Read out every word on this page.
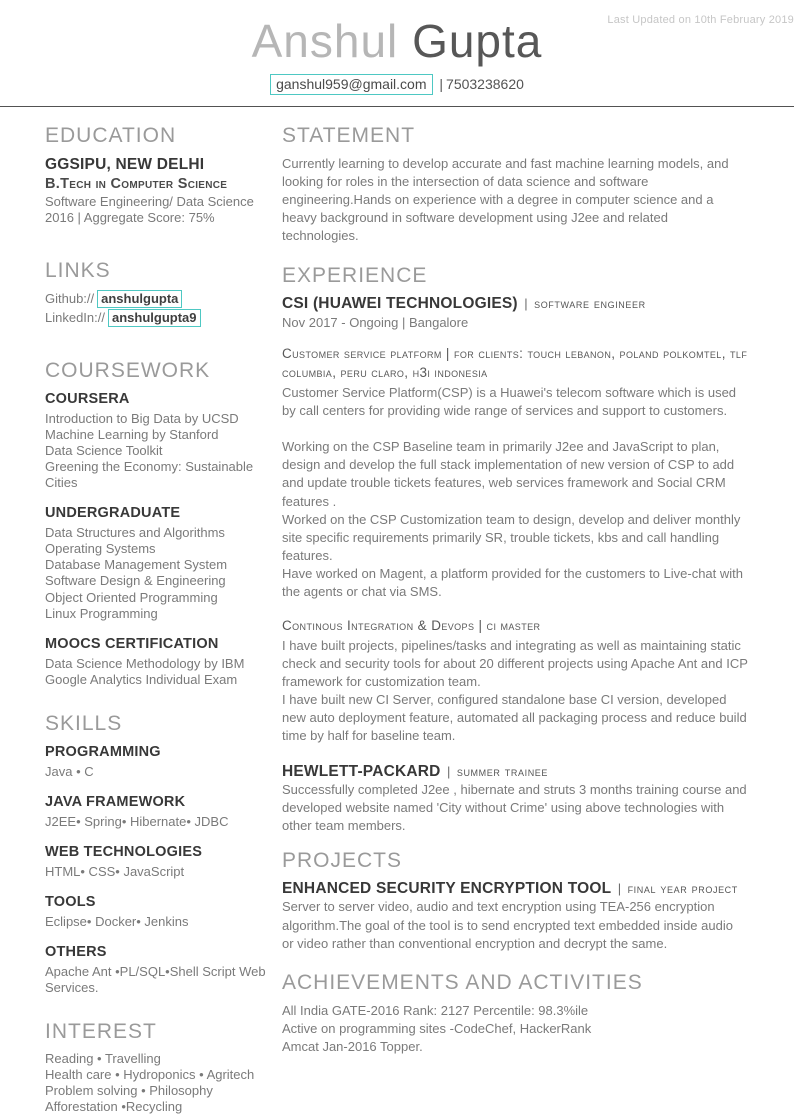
Last Updated on 10th February 2019
Anshul Gupta
ganshul959@gmail.com | 7503238620
EDUCATION
GGSIPU, NEW DELHI
B.Tech in Computer Science
Software Engineering/ Data Science
2016 | Aggregate Score: 75%
LINKS
Github:// anshulgupta
LinkedIn:// anshulgupta9
COURSEWORK
COURSERA
Introduction to Big Data by UCSD
Machine Learning by Stanford
Data Science Toolkit
Greening the Economy: Sustainable Cities
UNDERGRADUATE
Data Structures and Algorithms
Operating Systems
Database Management System
Software Design & Engineering
Object Oriented Programming
Linux Programming
MOOCS CERTIFICATION
Data Science Methodology by IBM
Google Analytics Individual Exam
SKILLS
PROGRAMMING
Java • C
JAVA FRAMEWORK
J2EE• Spring• Hibernate• JDBC
WEB TECHNOLOGIES
HTML• CSS• JavaScript
TOOLS
Eclipse• Docker• Jenkins
OTHERS
Apache Ant •PL/SQL•Shell Script Web Services.
INTEREST
Reading • Travelling
Health care • Hydroponics • Agritech
Problem solving • Philosophy
Afforestation •Recycling
STATEMENT

Currently learning to develop accurate and fast machine learning models, and looking for roles in the intersection of data science and software engineering.Hands on experience with a degree in computer science and a heavy background in software development using J2ee and related technologies.

EXPERIENCE
CSI (HUAWEI TECHNOLOGIES) | software engineer
Nov 2017 - Ongoing | Bangalore
Customer service platform | for clients: touch lebanon, poland polkomtel, tlf columbia, peru claro, h3i indonesia

Customer Service Platform(CSP) is a Huawei's telecom software which is used by call centers for providing wide range of services and support to customers.

Working on the CSP Baseline team in primarily J2ee and JavaScript to plan, design and develop the full stack implementation of new version of CSP to add and update trouble tickets features, web services framework and Social CRM features .

Worked on the CSP Customization team to design, develop and deliver monthly site specific requirements primarily SR, trouble tickets, kbs and call handling features.

Have worked on Magent, a platform provided for the customers to Live-chat with the agents or chat via SMS.

Continous Integration & Devops | ci master

I have built projects, pipelines/tasks and integrating as well as maintaining static check and security tools for about 20 different projects using Apache Ant and ICP framework for customization team.

I have built new CI Server, configured standalone base CI version, developed new auto deployment feature, automated all packaging process and reduce build time by half for baseline team.

HEWLETT-PACKARD | summer trainee

Successfully completed J2ee , hibernate and struts 3 months training course and developed website named 'City without Crime' using above technologies with other team members.

PROJECTS
ENHANCED SECURITY ENCRYPTION TOOL | final year project

Server to server video, audio and text encryption using TEA-256 encryption algorithm.The goal of the tool is to send encrypted text embedded inside audio or video rather than conventional encryption and decrypt the same.

ACHIEVEMENTS AND ACTIVITIES
All India GATE-2016 Rank: 2127 Percentile: 98.3%ile
Active on programming sites -CodeChef, HackerRank
Amcat Jan-2016 Topper.
